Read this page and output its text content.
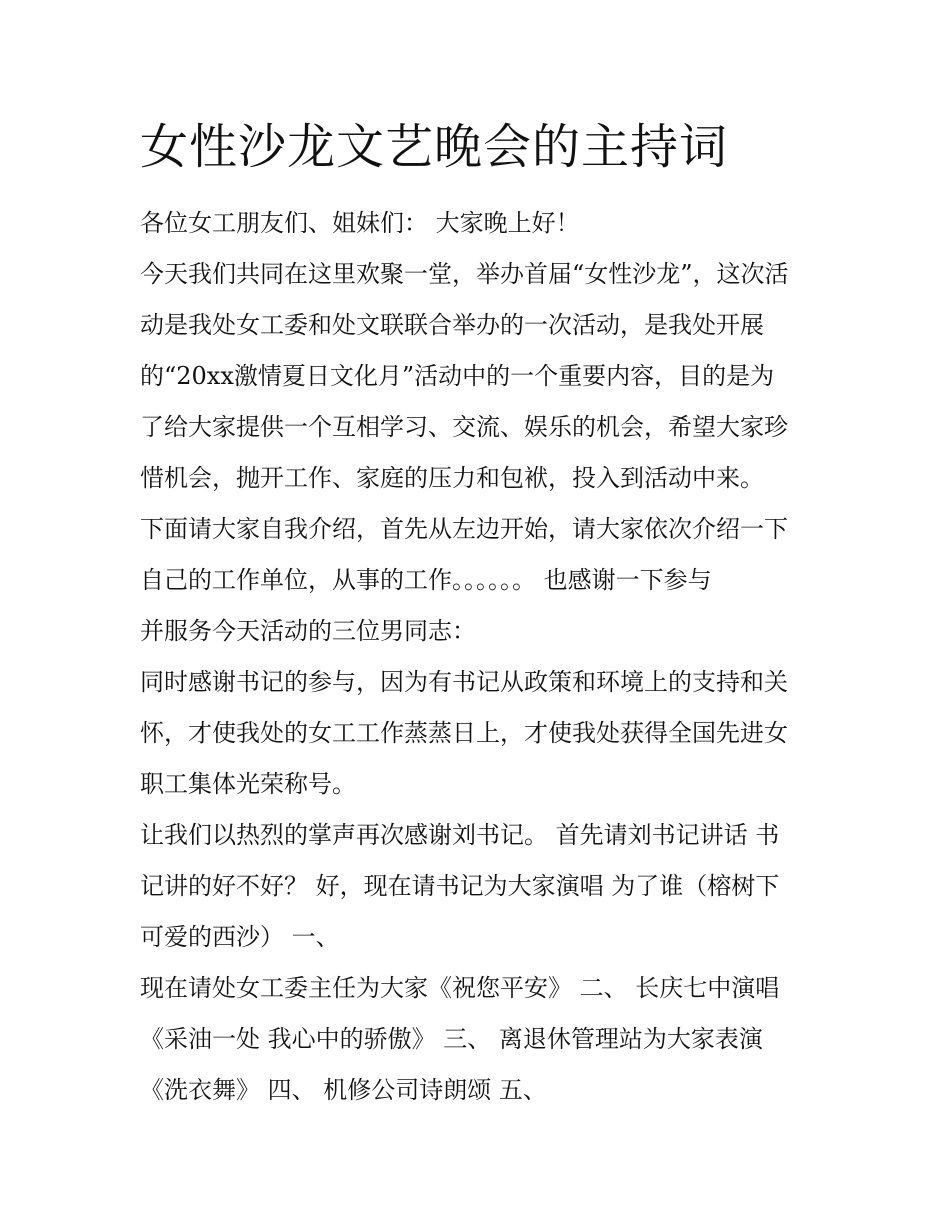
女性沙龙文艺晚会的主持词

各位女工朋友们、姐妹们： 大家晚上好！

今天我们共同在这里欢聚一堂，举办首届“女性沙龙”，这次活

动是我处女工委和处文联联合举办的一次活动，是我处开展

的“20xx激情夏日文化月”活动中的一个重要内容，目的是为

了给大家提供一个互相学习、交流、娱乐的机会，希望大家珍

惜机会，抛开工作、家庭的压力和包袱，投入到活动中来。

下面请大家自我介绍，首先从左边开始，请大家依次介绍一下

自己的工作单位，从事的工作。。。。。。 也感谢一下参与

并服务今天活动的三位男同志：

同时感谢书记的参与，因为有书记从政策和环境上的支持和关

怀，才使我处的女工工作蒸蒸日上，才使我处获得全国先进女

职工集体光荣称号。

让我们以热烈的掌声再次感谢刘书记。 首先请刘书记讲话 书

记讲的好不好？ 好，现在请书记为大家演唱 为了谁（榕树下

可爱的西沙） 一、

现在请处女工委主任为大家《祝您平安》 二、 长庆七中演唱

《采油一处 我心中的骄傲》 三、 离退休管理站为大家表演

《洗衣舞》 四、 机修公司诗朗颂 五、
